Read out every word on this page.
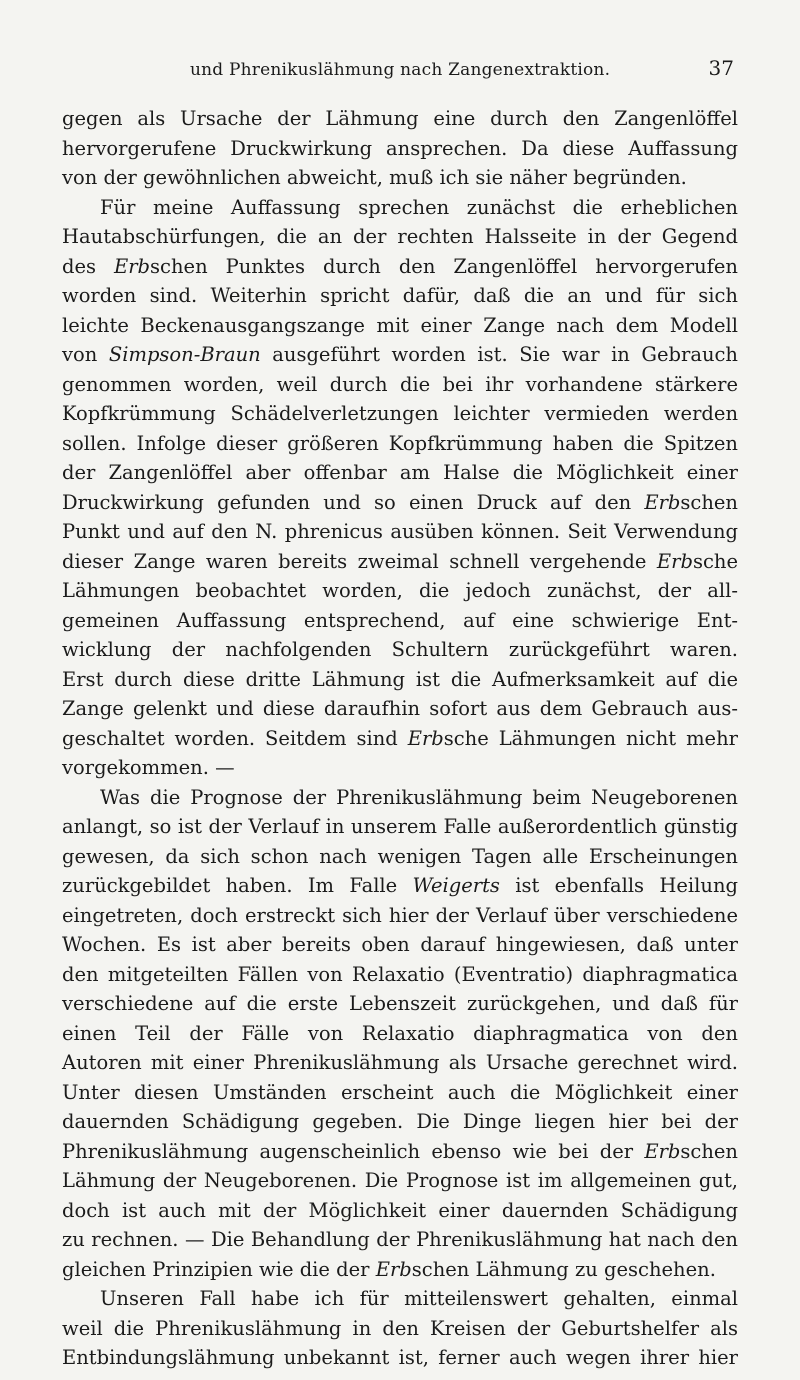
und Phrenikuslähmung nach Zangenextraktion.	37

gegen als Ursache der Lähmung eine durch den Zangenlöffel
hervorgerufene Druckwirkung ansprechen. Da diese Auffassung
von der gewöhnlichen abweicht, muß ich sie näher begründen.

Für meine Auffassung sprechen zunächst die erheblichen
Hautabschürfungen, die an der rechten Halsseite in der Gegend
des Erbschen Punktes durch den Zangenlöffel hervorgerufen
worden sind. Weiterhin spricht dafür, daß die an und für sich
leichte Beckenausgangszange mit einer Zange nach dem Modell
von Simpson-Braun ausgeführt worden ist. Sie war in Gebrauch
genommen worden, weil durch die bei ihr vorhandene stärkere
Kopfkrümmung Schädelverletzungen leichter vermieden werden
sollen. Infolge dieser größeren Kopfkrümmung haben die Spitzen
der Zangenlöffel aber offenbar am Halse die Möglichkeit einer
Druckwirkung gefunden und so einen Druck auf den Erbschen
Punkt und auf den N. phrenicus ausüben können. Seit Verwendung
dieser Zange waren bereits zweimal schnell vergehende Erbsche
Lähmungen beobachtet worden, die jedoch zunächst, der all-
gemeinen Auffassung entsprechend, auf eine schwierige Ent-
wicklung der nachfolgenden Schultern zurückgeführt waren.
Erst durch diese dritte Lähmung ist die Aufmerksamkeit auf die
Zange gelenkt und diese daraufhin sofort aus dem Gebrauch aus-
geschaltet worden. Seitdem sind Erbsche Lähmungen nicht mehr
vorgekommen. —

Was die Prognose der Phrenikuslähmung beim Neugeborenen
anlangt, so ist der Verlauf in unserem Falle außerordentlich günstig
gewesen, da sich schon nach wenigen Tagen alle Erscheinungen
zurückgebildet haben. Im Falle Weigerts ist ebenfalls Heilung
eingetreten, doch erstreckt sich hier der Verlauf über verschiedene
Wochen. Es ist aber bereits oben darauf hingewiesen, daß unter
den mitgeteilten Fällen von Relaxatio (Eventratio) diaphragmatica
verschiedene auf die erste Lebenszeit zurückgehen, und daß für
einen Teil der Fälle von Relaxatio diaphragmatica von den
Autoren mit einer Phrenikuslähmung als Ursache gerechnet wird.
Unter diesen Umständen erscheint auch die Möglichkeit einer
dauernden Schädigung gegeben. Die Dinge liegen hier bei der
Phrenikuslähmung augenscheinlich ebenso wie bei der Erbschen
Lähmung der Neugeborenen. Die Prognose ist im allgemeinen gut,
doch ist auch mit der Möglichkeit einer dauernden Schädigung
zu rechnen. — Die Behandlung der Phrenikuslähmung hat nach den
gleichen Prinzipien wie die der Erbschen Lähmung zu geschehen.

Unseren Fall habe ich für mitteilenswert gehalten, einmal
weil die Phrenikuslähmung in den Kreisen der Geburtshelfer als
Entbindungslähmung unbekannt ist, ferner auch wegen ihrer hier
